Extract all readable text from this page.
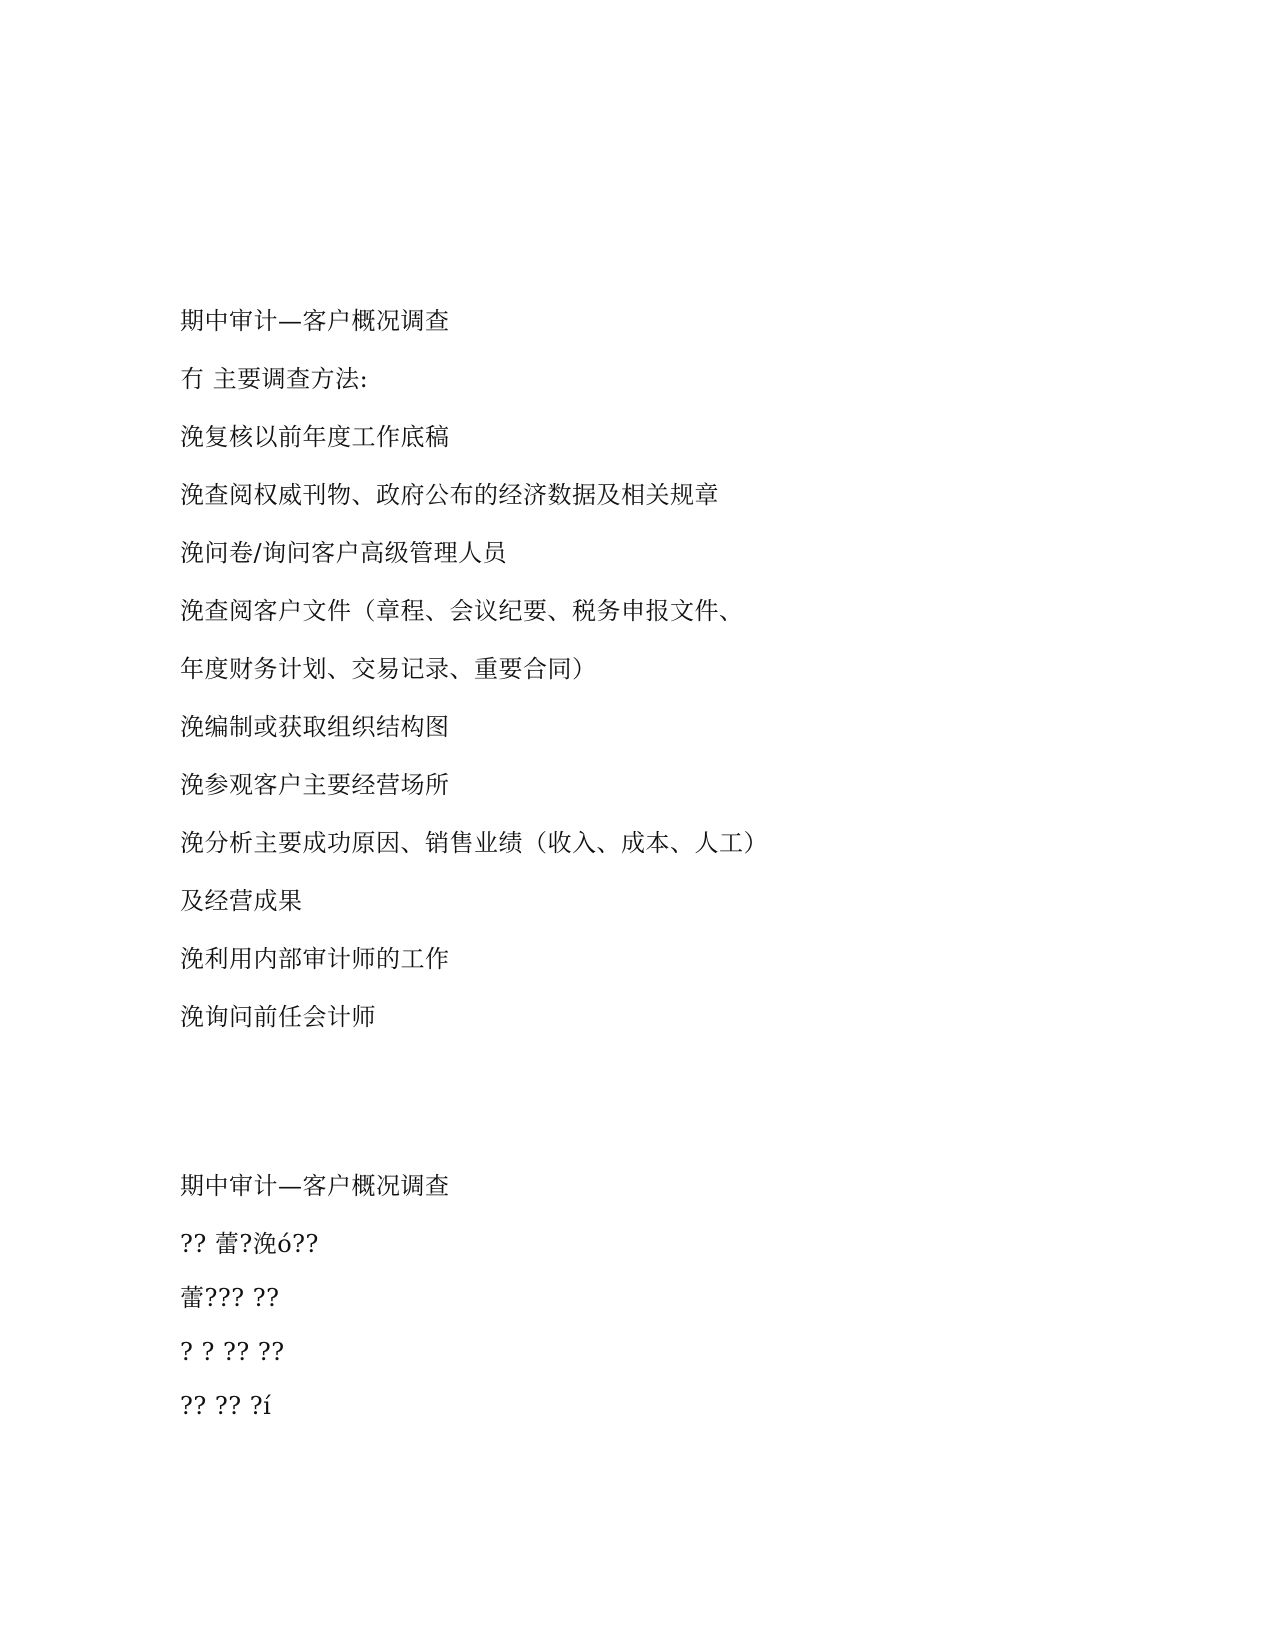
期中审计—客户概况调查

冇 主要调查方法:

浼复核以前年度工作底稿

浼查阅权威刊物、政府公布的经济数据及相关规章

浼问卷/询问客户高级管理人员

浼查阅客户文件（章程、会议纪要、税务申报文件、

年度财务计划、交易记录、重要合同）

浼编制或获取组织结构图

浼参观客户主要经营场所

浼分析主要成功原因、销售业绩（收入、成本、人工）

及经营成果

浼利用内部审计师的工作

浼询问前任会计师

期中审计—客户概况调查

?? 蕾?浼ó??

蕾??? ??

? ? ?? ??

?? ?? ?í
